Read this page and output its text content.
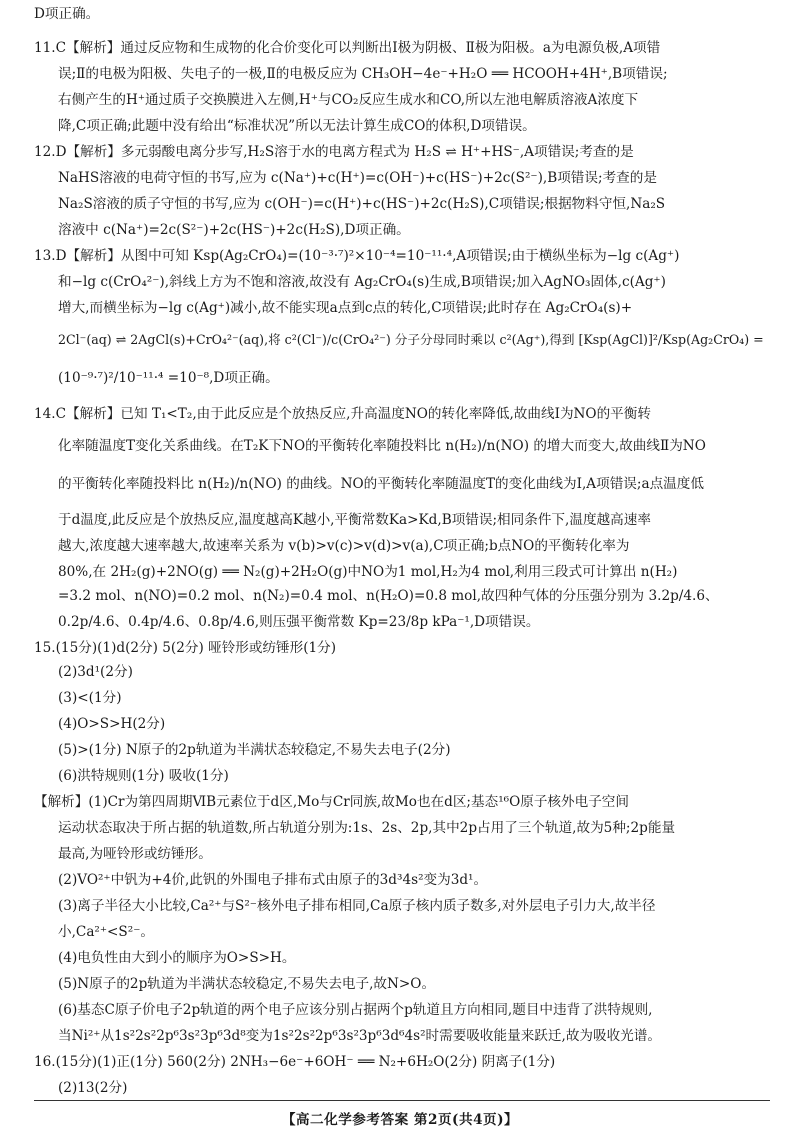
D项正确。
11.C【解析】通过反应物和生成物的化合价变化可以判断出Ⅰ极为阴极、Ⅱ极为阳极。a为电源负极,A项错
误;Ⅱ的电极为阳极、失电子的一极,Ⅱ的电极反应为 CH₃OH−4e⁻+H₂O ══ HCOOH+4H⁺,B项错误;
右侧产生的H⁺通过质子交换膜进入左侧,H⁺与CO₂反应生成水和CO,所以左池电解质溶液A浓度下
降,C项正确;此题中没有给出“标准状况”所以无法计算生成CO的体积,D项错误。
12.D【解析】多元弱酸电离分步写,H₂S溶于水的电离方程式为 H₂S ⇌ H⁺+HS⁻,A项错误;考查的是
NaHS溶液的电荷守恒的书写,应为 c(Na⁺)+c(H⁺)=c(OH⁻)+c(HS⁻)+2c(S²⁻),B项错误;考查的是
Na₂S溶液的质子守恒的书写,应为 c(OH⁻)=c(H⁺)+c(HS⁻)+2c(H₂S),C项错误;根据物料守恒,Na₂S
溶液中 c(Na⁺)=2c(S²⁻)+2c(HS⁻)+2c(H₂S),D项正确。
13.D【解析】从图中可知 Ksp(Ag₂CrO₄)=(10⁻³·⁷)²×10⁻⁴=10⁻¹¹·⁴,A项错误;由于横纵坐标为−lg c(Ag⁺)
和−lg c(CrO₄²⁻),斜线上方为不饱和溶液,故没有 Ag₂CrO₄(s)生成,B项错误;加入AgNO₃固体,c(Ag⁺)
增大,而横坐标为−lg c(Ag⁺)减小,故不能实现a点到c点的转化,C项错误;此时存在 Ag₂CrO₄(s)+
2Cl⁻(aq) ⇌ 2AgCl(s)+CrO₄²⁻(aq),将 c²(Cl⁻)/c(CrO₄²⁻) 分子分母同时乘以 c²(Ag⁺),得到 [Ksp(AgCl)]²/Ksp(Ag₂CrO₄) =
(10⁻⁹·⁷)²/10⁻¹¹·⁴ =10⁻⁸,D项正确。
14.C【解析】已知 T₁<T₂,由于此反应是个放热反应,升高温度NO的转化率降低,故曲线Ⅰ为NO的平衡转
化率随温度T变化关系曲线。在T₂K下NO的平衡转化率随投料比 n(H₂)/n(NO) 的增大而变大,故曲线Ⅱ为NO
的平衡转化率随投料比 n(H₂)/n(NO) 的曲线。NO的平衡转化率随温度T的变化曲线为Ⅰ,A项错误;a点温度低
于d温度,此反应是个放热反应,温度越高K越小,平衡常数Ka>Kd,B项错误;相同条件下,温度越高速率
越大,浓度越大速率越大,故速率关系为 v(b)>v(c)>v(d)>v(a),C项正确;b点NO的平衡转化率为
80%,在 2H₂(g)+2NO(g) ══ N₂(g)+2H₂O(g)中NO为1 mol,H₂为4 mol,利用三段式可计算出 n(H₂)
=3.2 mol、n(NO)=0.2 mol、n(N₂)=0.4 mol、n(H₂O)=0.8 mol,故四种气体的分压强分别为 3.2p/4.6、
0.2p/4.6、0.4p/4.6、0.8p/4.6,则压强平衡常数 Kp=23/8p kPa⁻¹,D项错误。
15.(15分)(1)d(2分) 5(2分) 哑铃形或纺锤形(1分)
(2)3d¹(2分)
(3)<(1分)
(4)O>S>H(2分)
(5)>(1分) N原子的2p轨道为半满状态较稳定,不易失去电子(2分)
(6)洪特规则(1分) 吸收(1分)
【解析】(1)Cr为第四周期ⅥB元素位于d区,Mo与Cr同族,故Mo也在d区;基态¹⁶O原子核外电子空间
运动状态取决于所占据的轨道数,所占轨道分别为:1s、2s、2p,其中2p占用了三个轨道,故为5种;2p能量
最高,为哑铃形或纺锤形。
(2)VO²⁺中钒为+4价,此钒的外围电子排布式由原子的3d³4s²变为3d¹。
(3)离子半径大小比较,Ca²⁺与S²⁻核外电子排布相同,Ca原子核内质子数多,对外层电子引力大,故半径
小,Ca²⁺<S²⁻。
(4)电负性由大到小的顺序为O>S>H。
(5)N原子的2p轨道为半满状态较稳定,不易失去电子,故N>O。
(6)基态C原子价电子2p轨道的两个电子应该分别占据两个p轨道且方向相同,题目中违背了洪特规则,
当Ni²⁺从1s²2s²2p⁶3s²3p⁶3d⁸变为1s²2s²2p⁶3s²3p⁶3d⁶4s²时需要吸收能量来跃迁,故为吸收光谱。
16.(15分)(1)正(1分) 560(2分) 2NH₃−6e⁻+6OH⁻ ══ N₂+6H₂O(2分) 阴离子(1分)
(2)13(2分)
【高二化学参考答案 第2页(共4页)】
